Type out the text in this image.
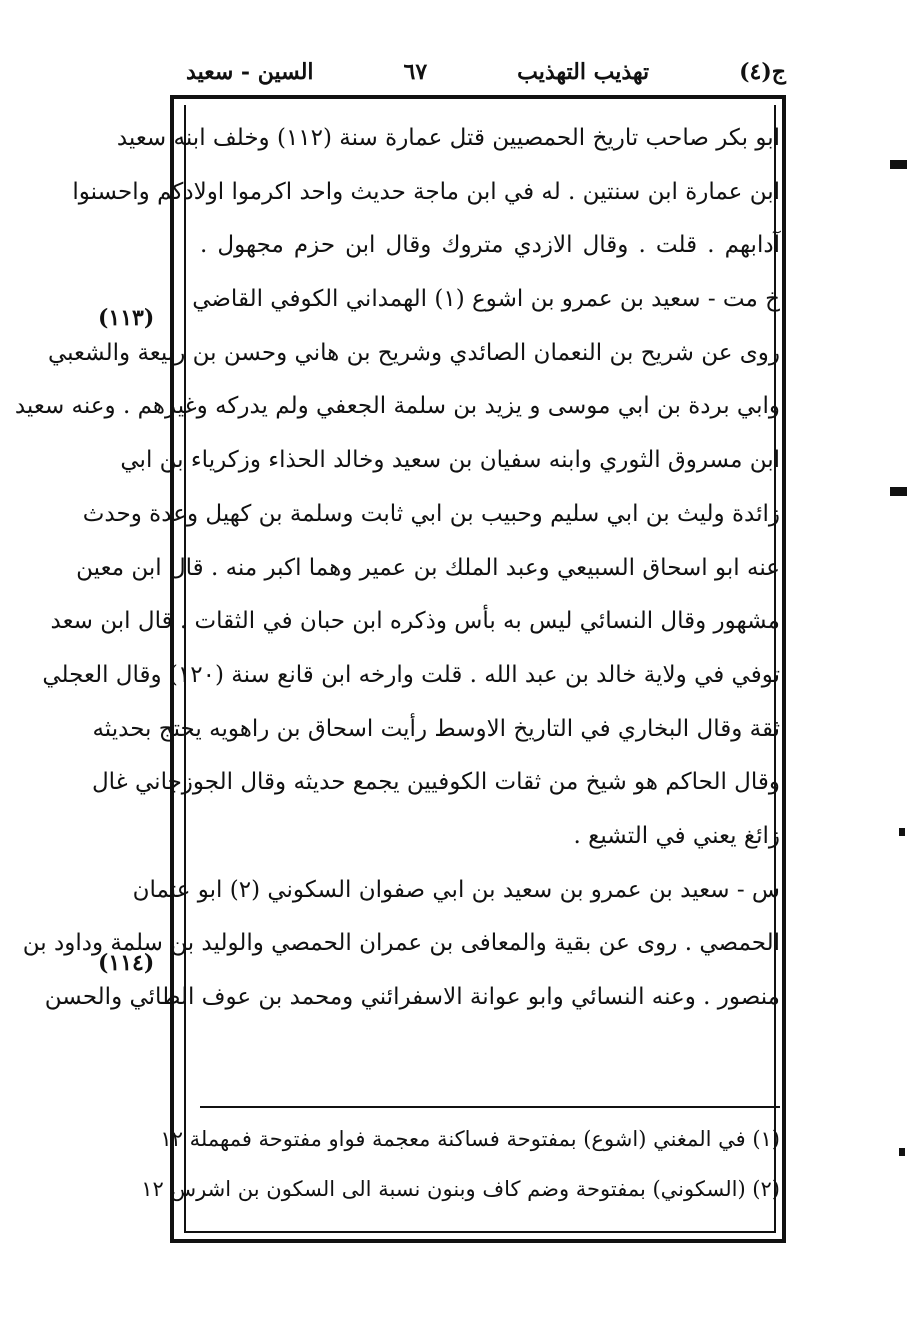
ج(٤)
تهذيب التهذيب
٦٧
السين - سعيد
ابو بكر صاحب تاريخ الحمصيين قتل عمارة سنة (١١٢) وخلف ابنه سعيد
ابن عمارة ابن سنتين . له في ابن ماجة حديث واحد اكرموا اولادكم واحسنوا
آدابهم . قلت . وقال الازدي متروك وقال ابن حزم مجهول .
خ مت - سعيد بن عمرو بن اشوع (١) الهمداني الكوفي القاضي
روى عن شريح بن النعمان الصائدي وشريح بن هاني وحسن بن ربيعة والشعبي
وابي بردة بن ابي موسى و يزيد بن سلمة الجعفي ولم يدركه وغيرهم . وعنه سعيد
ابن مسروق الثوري وابنه سفيان بن سعيد وخالد الحذاء وزكرياء بن ابي
زائدة وليث بن ابي سليم وحبيب بن ابي ثابت وسلمة بن كهيل وعدة وحدث
عنه ابو اسحاق السبيعي وعبد الملك بن عمير وهما اكبر منه . قال ابن معين
مشهور وقال النسائي ليس به بأس وذكره ابن حبان في الثقات . قال ابن سعد
توفي في ولاية خالد بن عبد الله . قلت وارخه ابن قانع سنة (١٢٠) وقال العجلي
ثقة وقال البخاري في التاريخ الاوسط رأيت اسحاق بن راهويه يحتج بحديثه
وقال الحاكم هو شيخ من ثقات الكوفيين يجمع حديثه وقال الجوزجاني غال
زائغ يعني في التشيع .
س - سعيد بن عمرو بن سعيد بن ابي صفوان السكوني (٢) ابو عثمان
الحمصي . روى عن بقية والمعافى بن عمران الحمصي والوليد بن سلمة وداود بن
منصور . وعنه النسائي وابو عوانة الاسفرائني ومحمد بن عوف الطائي والحسن
(١١٣)
(١١٤)
(١) في المغني (اشوع) بمفتوحة فساكنة معجمة فواو مفتوحة فمهملة ١٢
(٢) (السكوني) بمفتوحة وضم كاف وبنون نسبة الى السكون بن اشرس ١٢
